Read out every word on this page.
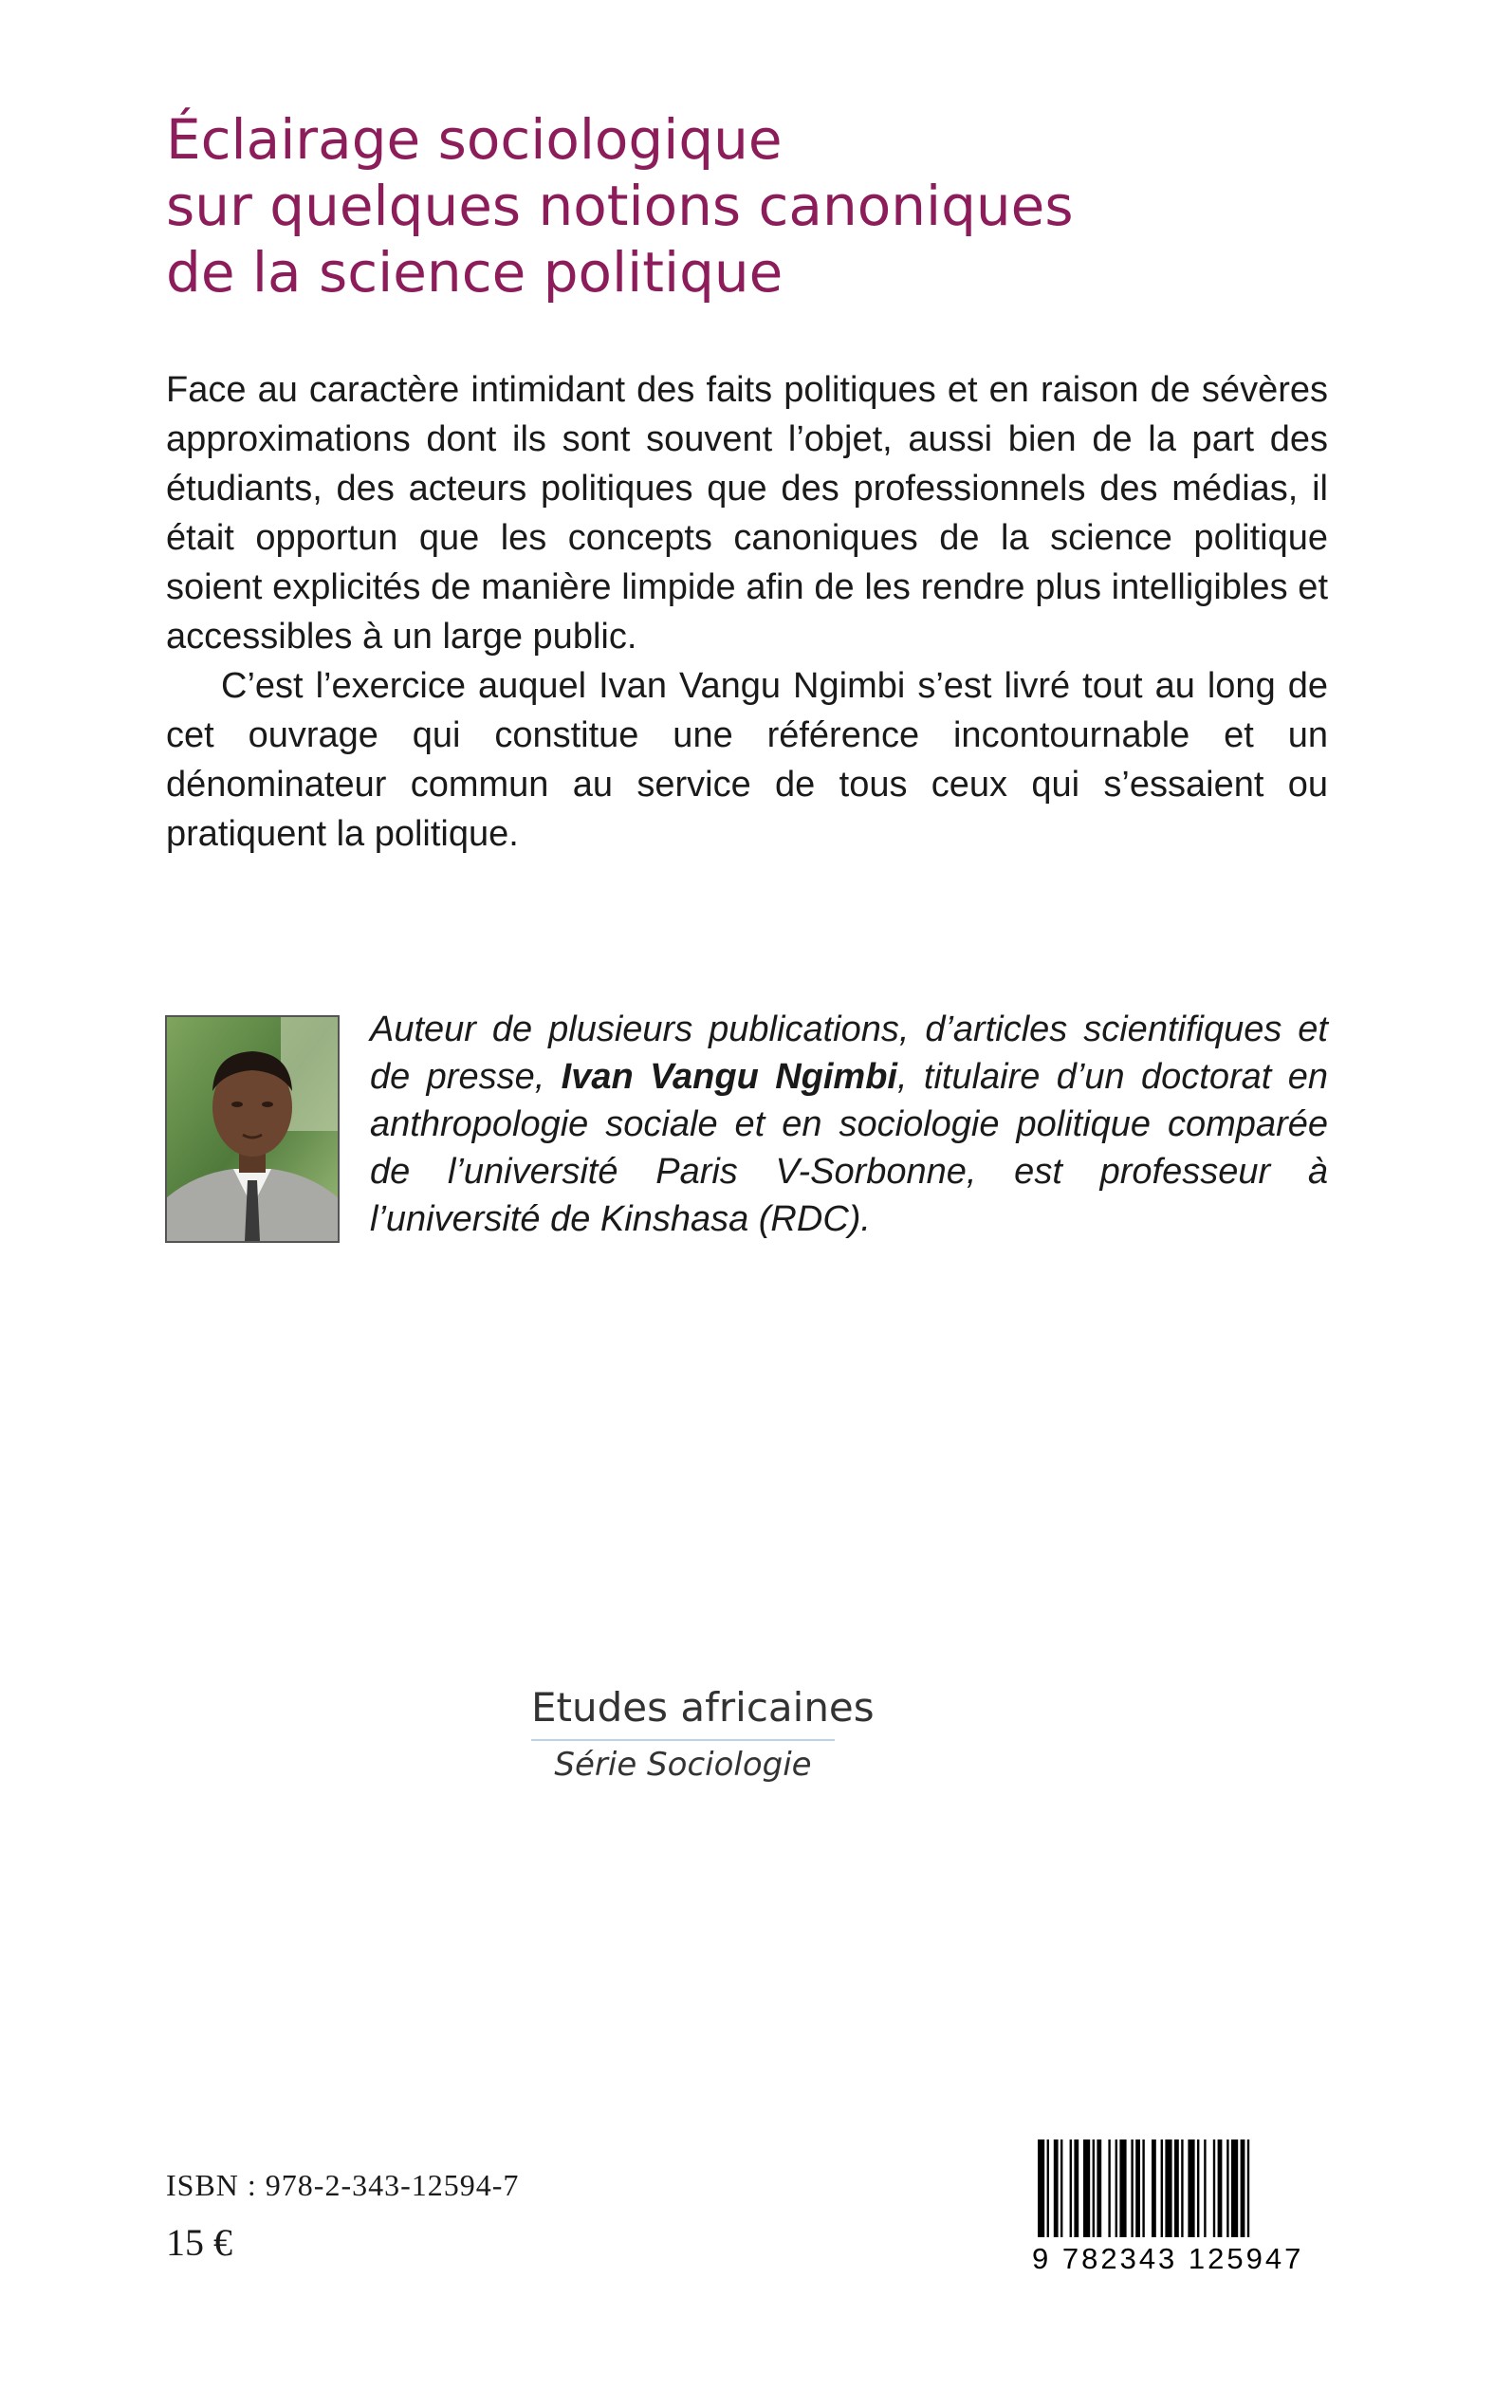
Éclairage sociologique
sur quelques notions canoniques
de la science politique

Face au caractère intimidant des faits politiques et en raison de sévères approximations dont ils sont souvent l’objet, aussi bien de la part des étudiants, des acteurs politiques que des professionnels des médias, il était opportun que les concepts canoniques de la science politique soient explicités de manière limpide afin de les rendre plus intelligibles et accessibles à un large public.

C’est l’exercice auquel Ivan Vangu Ngimbi s’est livré tout au long de cet ouvrage qui constitue une référence incontournable et un dénominateur commun au service de tous ceux qui s’essaient ou pratiquent la politique.

Auteur de plusieurs publications, d’articles scientifiques et de presse, Ivan Vangu Ngimbi, titulaire d’un doctorat en anthropologie sociale et en sociologie politique comparée de l’université Paris V-Sorbonne, est professeur à l’université de Kinshasa (RDC).

Etudes africaines
Série Sociologie
ISBN : 978-2-343-12594-7
15 €	9 782343 125947
